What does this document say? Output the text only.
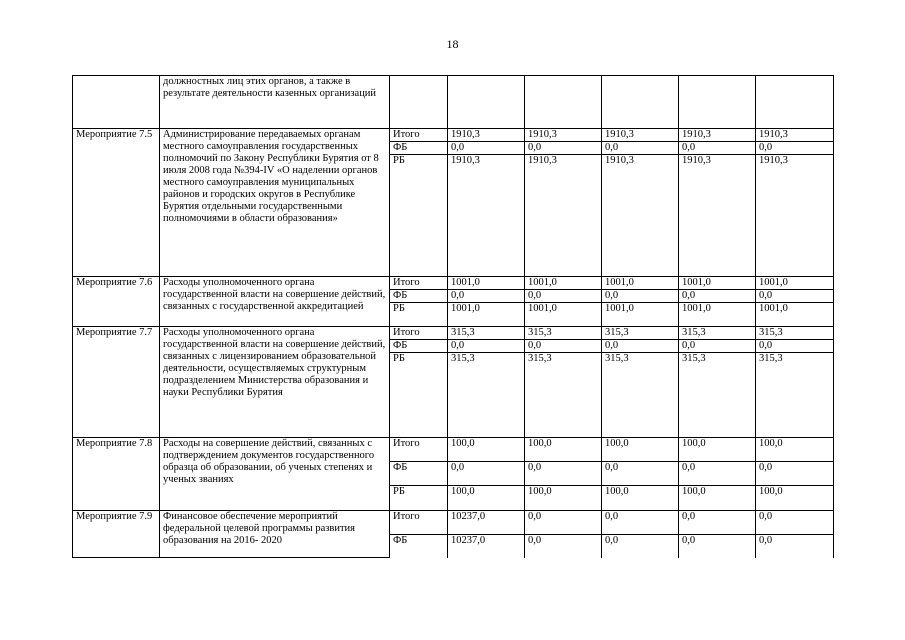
18
	должностных лиц этих органов, а также в результате деятельности казенных организаций						
Мероприятие 7.5	Администрирование передаваемых органам местного самоуправления государственных полномочий по Закону Республики Бурятия от 8 июля 2008 года №394-IV «О наделении органов местного самоуправления муниципальных районов и городских округов в Республике Бурятия отдельными государственными полномочиями в области образования»	Итого	1910,3	1910,3	1910,3	1910,3	1910,3
		ФБ	0,0	0,0	0,0	0,0	0,0
		РБ	1910,3	1910,3	1910,3	1910,3	1910,3
Мероприятие 7.6	Расходы уполномоченного органа государственной власти на совершение действий, связанных с государственной аккредитацией	Итого	1001,0	1001,0	1001,0	1001,0	1001,0
		ФБ	0,0	0,0	0,0	0,0	0,0
		РБ	1001,0	1001,0	1001,0	1001,0	1001,0
Мероприятие 7.7	Расходы уполномоченного органа государственной власти на совершение действий, связанных с лицензированием образовательной деятельности, осуществляемых структурным подразделением Министерства образования и науки Республики Бурятия	Итого	315,3	315,3	315,3	315,3	315,3
		ФБ	0,0	0,0	0,0	0,0	0,0
		РБ	315,3	315,3	315,3	315,3	315,3
Мероприятие 7.8	Расходы на совершение действий, связанных с подтверждением документов государственного образца об образовании, об ученых степенях и ученых званиях	Итого	100,0	100,0	100,0	100,0	100,0
		ФБ	0,0	0,0	0,0	0,0	0,0
		РБ	100,0	100,0	100,0	100,0	100,0
Мероприятие 7.9	Финансовое обеспечение мероприятий федеральной целевой программы развития образования на 2016- 2020	Итого	10237,0	0,0	0,0	0,0	0,0
		ФБ	10237,0	0,0	0,0	0,0	0,0
